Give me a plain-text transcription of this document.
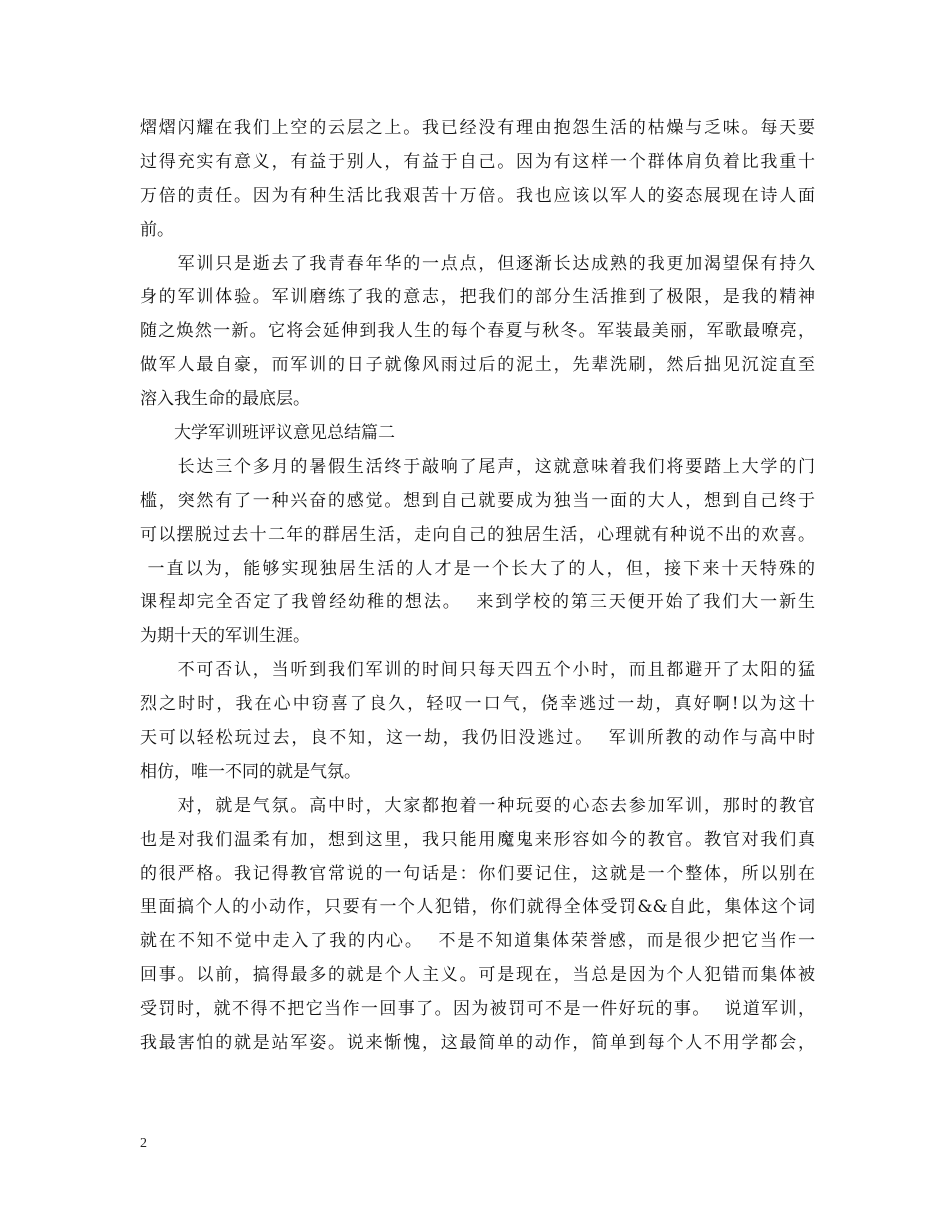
熠熠闪耀在我们上空的云层之上。我已经没有理由抱怨生活的枯燥与乏味。每天要
过得充实有意义，有益于别人，有益于自己。因为有这样一个群体肩负着比我重十
万倍的责任。因为有种生活比我艰苦十万倍。我也应该以军人的姿态展现在诗人面
前。
　　军训只是逝去了我青春年华的一点点，但逐渐长达成熟的我更加渴望保有持久
身的军训体验。军训磨练了我的意志，把我们的部分生活推到了极限，是我的精神
随之焕然一新。它将会延伸到我人生的每个春夏与秋冬。军装最美丽，军歌最嘹亮，
做军人最自豪，而军训的日子就像风雨过后的泥土，先辈洗刷，然后拙见沉淀直至
溶入我生命的最底层。
　　大学军训班评议意见总结篇二
　　长达三个多月的暑假生活终于敲响了尾声，这就意味着我们将要踏上大学的门
槛，突然有了一种兴奋的感觉。想到自己就要成为独当一面的大人，想到自己终于
可以摆脱过去十二年的群居生活，走向自己的独居生活，心理就有种说不出的欢喜。
一直以为，能够实现独居生活的人才是一个长大了的人，但，接下来十天特殊的
课程却完全否定了我曾经幼稚的想法。  来到学校的第三天便开始了我们大一新生
为期十天的军训生涯。
　　不可否认，当听到我们军训的时间只每天四五个小时，而且都避开了太阳的猛
烈之时时，我在心中窃喜了良久，轻叹一口气，侥幸逃过一劫，真好啊!以为这十
天可以轻松玩过去，良不知，这一劫，我仍旧没逃过。  军训所教的动作与高中时
相仿，唯一不同的就是气氛。
　　对，就是气氛。高中时，大家都抱着一种玩耍的心态去参加军训，那时的教官
也是对我们温柔有加，想到这里，我只能用魔鬼来形容如今的教官。教官对我们真
的很严格。我记得教官常说的一句话是：你们要记住，这就是一个整体，所以别在
里面搞个人的小动作，只要有一个人犯错，你们就得全体受罚&&自此，集体这个词
就在不知不觉中走入了我的内心。  不是不知道集体荣誉感，而是很少把它当作一
回事。以前，搞得最多的就是个人主义。可是现在，当总是因为个人犯错而集体被
受罚时，就不得不把它当作一回事了。因为被罚可不是一件好玩的事。  说道军训，
我最害怕的就是站军姿。说来惭愧，这最简单的动作，简单到每个人不用学都会，
2
